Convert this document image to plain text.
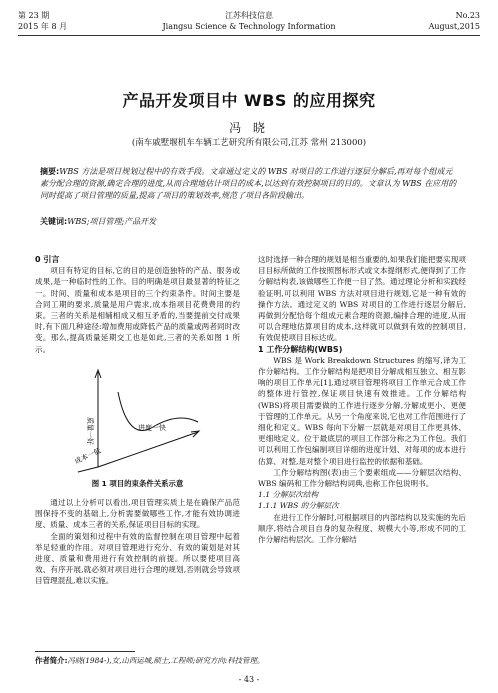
第 23 期
2015 年 8 月
江苏科技信息
Jiangsu Science & Technology Information
No.23
August,2015
产品开发项目中 WBS 的应用探究
冯 晓
(南车戚墅堰机车车辆工艺研究所有限公司,江苏 常州 213000)
摘要:WBS 方法是项目规划过程中的有效手段。文章通过定义的 WBS 对项目的工作进行逐层分解后,再对每个组成元素分配合理的资源,确定合理的进度,从而合理地估计项目的成本,以达到有效控制项目的目的。文章认为 WBS 在应用的同时提高了项目管理的质量,提高了项目的策划效率,规范了项目各阶段输出。
关键词:WBS;项目管理;产品开发

0 引言

项目有特定的目标,它的目的是创造独特的产品、服务或成果,是一种临时性的工作。目的明确是项目最显著的特征之一。时间、质量和成本是项目的三个约束条件。时间主要是合同工期的要求,质量是用户需求,成本指项目花费费用的约束。三者的关系是相辅相成又相互矛盾的,当要提前交付成果时,有下面几种途径:增加费用或降低产品的质量或两者同时改变。那么,提高质量延期交工也是如此,三者的关系如图 1 所示。

质量一好	进度一快
成本一低
图 1 项目的束条件关系示意

通过以上分析可以看出,项目管理实质上是在确保产品范围保持不变的基础上,分析需要做哪些工作,才能有效协调进度、质量、成本三者的关系,保证项目目标的实现。

全面的策划和过程中有效的监督控制在项目管理中起着举足轻重的作用。对项目管理进行充分、有效的策划是对其进度、质量和费用进行有效控制的前提。所以要使项目高效、有序开展,就必须对项目进行合理的规划,否则就会导致项目管理混乱,难以实施。

这时选择一种合理的规划是相当重要的,如果我们能把要实现项目目标所做的工作按照图标形式或文本提纲形式,便得到了工作分解结构表,该做哪些工作便一目了然。通过理论分析和实践经验证明,可以利用 WBS 方法对项目进行规划,它是一种有效的操作方法。通过定义的 WBS 对项目的工作进行逐层分解后,再做到分配恰每个组成元素合理的资源,编排合理的进度,从而可以合理地估算项目的成本,这样就可以做到有效的控制项目,有效促使项目目标达成。

1 工作分解结构(WBS)

WBS 是 Work Breakdown Structures 的缩写,译为工作分解结构。工作分解结构是把项目分解成相互独立、相互影响的项目工作单元[1],通过项目管理将项目工作单元合成工作的整体进行管控,保证项目快速有效推进。工作分解结构(WBS)将项目需要做的工作进行逐步分解,分解成更小、更便于管理的工作单元。从另一个角度来说,它也对工作范围进行了细化和定义。WBS 每向下分解一层就是对项目工作更具体、更细地定义。位于最底层的项目工作部分称之为工作包。我们可以利用工作包编制项目详细的进度计划、对每项的成本进行估算、对整,是对整个项目进行监控的依据和基础。

工作分解结构图(表)由三个要素组成——分解层次结构、WBS 编码和工作分解结构词典,也称工作包说明书。

1.1 分解层次结构

1.1.1 WBS 的分解层次

在进行工作分解时,可根据项目的内部结构以及实施的先后顺序,将结合项目自身的复杂程度、规模大小等,形成不同的工作分解结构层次。工作分解结

作者简介:冯晓(1984-),女,山西运城,硕士,工程师;研究方向:科技管理。
- 43 -
